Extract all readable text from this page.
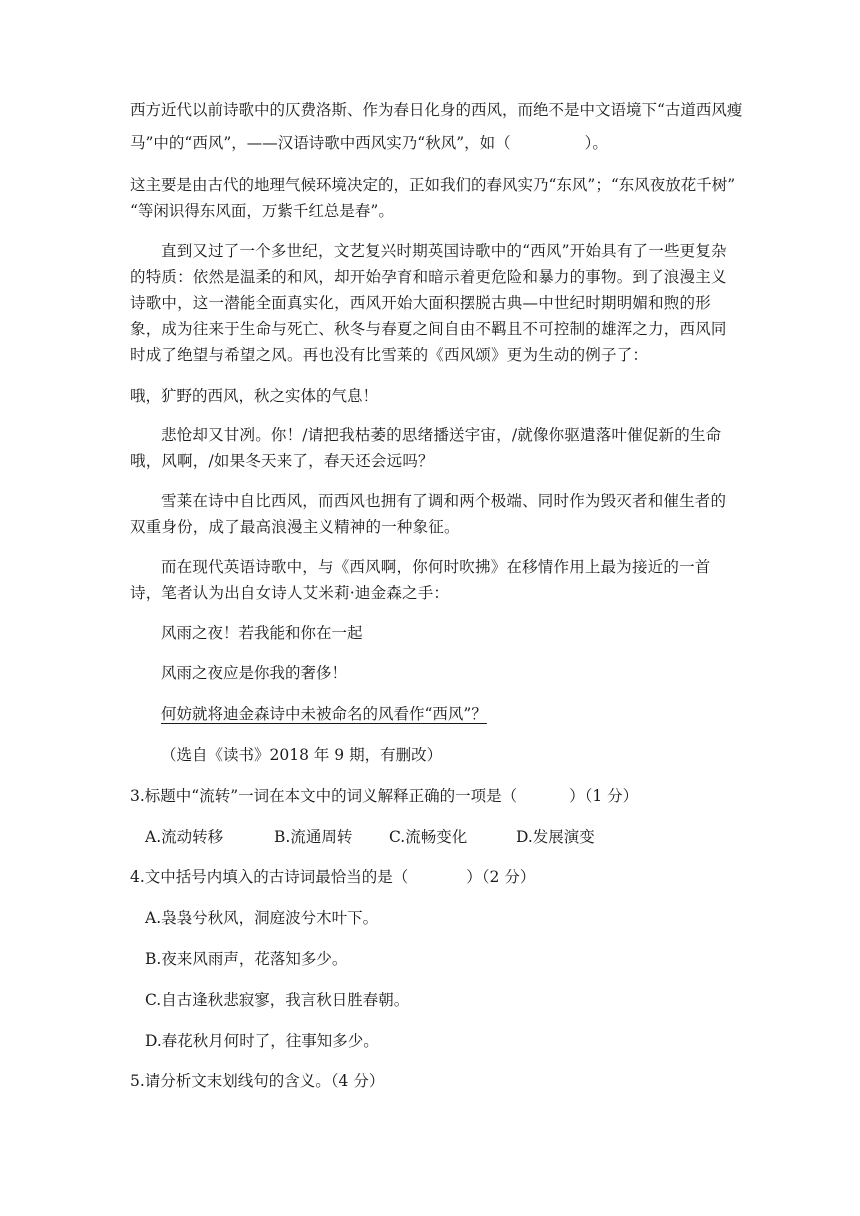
西方近代以前诗歌中的仄费洛斯、作为春日化身的西风，而绝不是中文语境下“古道西风瘦
马”中的“西风”，——汉语诗歌中西风实乃“秋风”，如（	）。
这主要是由古代的地理气候环境决定的，正如我们的春风实乃“东风”；“东风夜放花千树”
“等闲识得东风面，万紫千红总是春”。

直到又过了一个多世纪，文艺复兴时期英国诗歌中的“西风”开始具有了一些更复杂的特质：依然是温柔的和风，却开始孕育和暗示着更危险和暴力的事物。到了浪漫主义诗歌中，这一潜能全面真实化，西风开始大面积摆脱古典—中世纪时期明媚和煦的形象，成为往来于生命与死亡、秋冬与春夏之间自由不羁且不可控制的雄浑之力，西风同时成了绝望与希望之风。再也没有比雪莱的《西风颂》更为生动的例子了：

哦，犷野的西风，秋之实体的气息！

悲怆却又甘冽。你！/请把我枯萎的思绪播送宇宙，/就像你驱遣落叶催促新的生命哦，风啊，/如果冬天来了，春天还会远吗？

雪莱在诗中自比西风，而西风也拥有了调和两个极端、同时作为毁灭者和催生者的双重身份，成了最高浪漫主义精神的一种象征。

而在现代英语诗歌中，与《西风啊，你何时吹拂》在移情作用上最为接近的一首诗，笔者认为出自女诗人艾米莉·迪金森之手：

风雨之夜！若我能和你在一起
风雨之夜应是你我的奢侈！
何妨就将迪金森诗中未被命名的风看作“西风”？
（选自《读书》2018 年 9 期，有删改）
3.标题中“流转”一词在本文中的词义解释正确的一项是（	）（1 分）
A.流动转移	B.流通周转 C.流畅变化	D.发展演变
4.文中括号内填入的古诗词最恰当的是（	）（2 分）
A.袅袅兮秋风，洞庭波兮木叶下。
B.夜来风雨声，花落知多少。
C.自古逢秋悲寂寥，我言秋日胜春朝。
D.春花秋月何时了，往事知多少。
5.请分析文末划线句的含义。（4 分）
